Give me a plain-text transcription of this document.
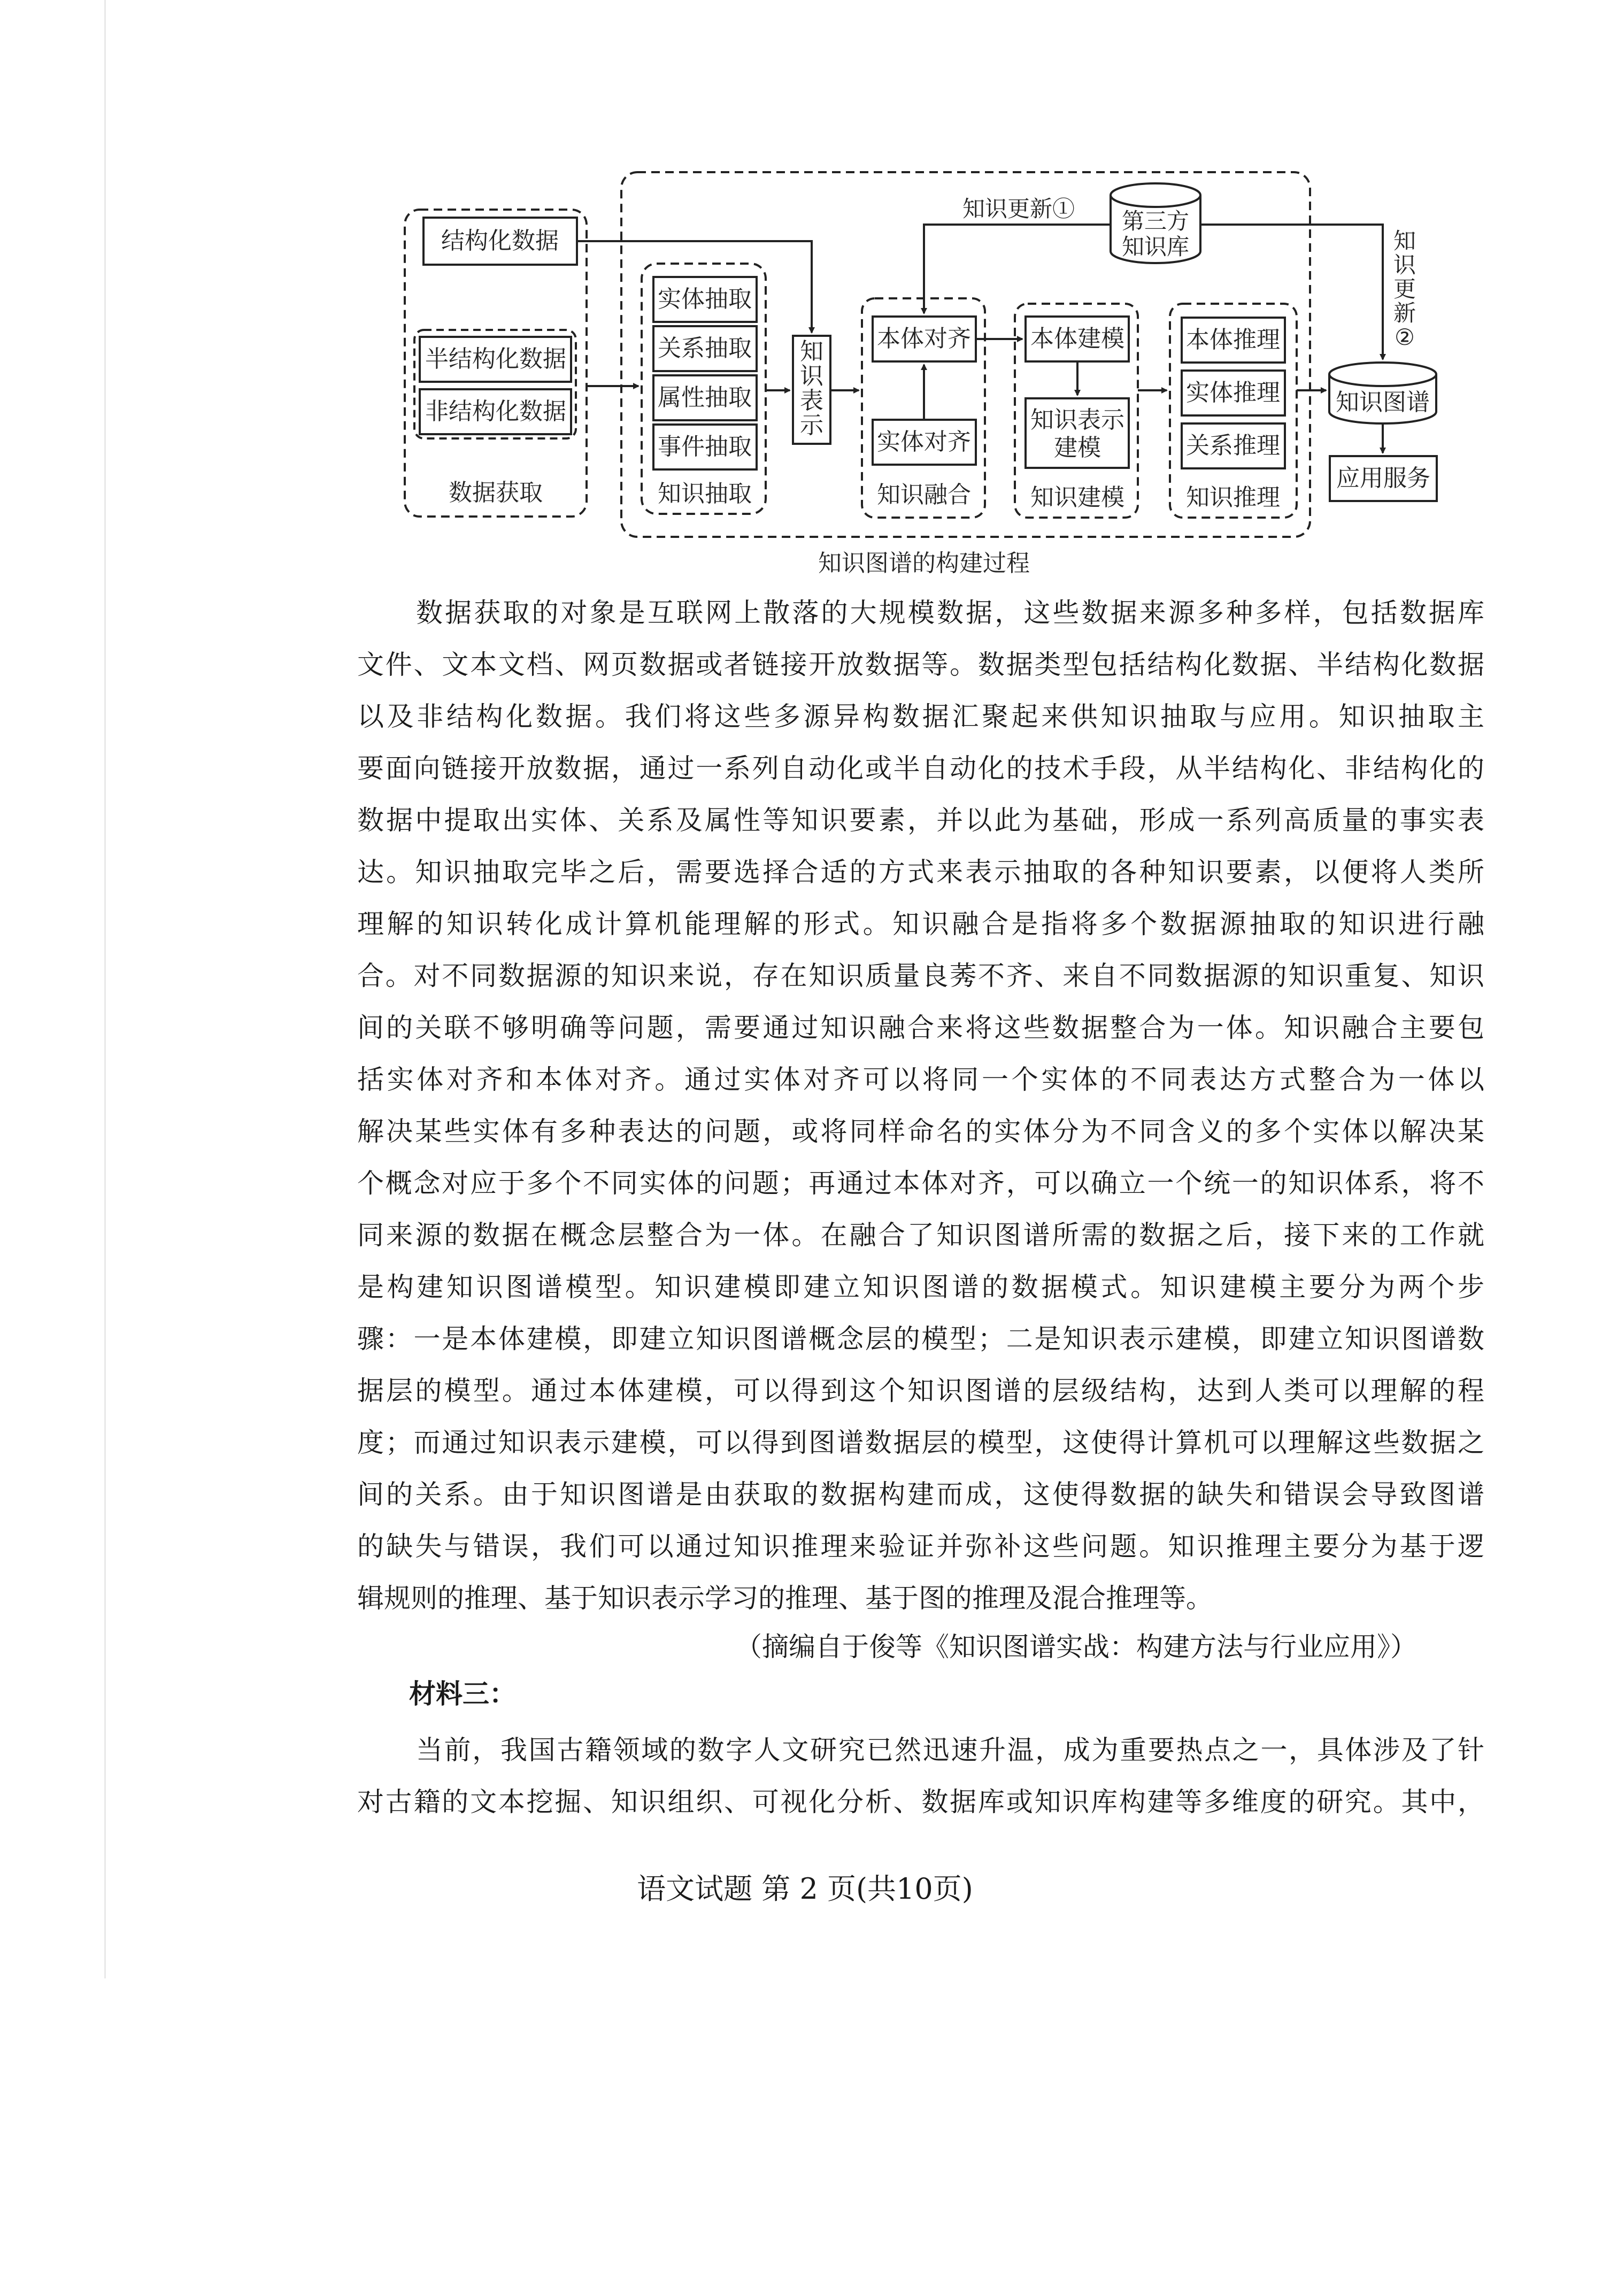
结构化数据
半结构化数据
非结构化数据
数据获取
实体抽取
关系抽取
属性抽取
事件抽取
知识抽取
知识表示
本体对齐
实体对齐
知识融合
本体建模
知识表示建模
知识建模
本体推理
实体推理
关系推理
知识推理
第三方知识库
知识更新①
知识更新 ②
知识图谱
应用服务
知识图谱的构建过程
数据获取的对象是互联网上散落的大规模数据，这些数据来源多种多样，包括数据库
文件、文本文档、网页数据或者链接开放数据等。数据类型包括结构化数据、半结构化数据
以及非结构化数据。我们将这些多源异构数据汇聚起来供知识抽取与应用。知识抽取主
要面向链接开放数据，通过一系列自动化或半自动化的技术手段，从半结构化、非结构化的
数据中提取出实体、关系及属性等知识要素，并以此为基础，形成一系列高质量的事实表
达。知识抽取完毕之后，需要选择合适的方式来表示抽取的各种知识要素，以便将人类所
理解的知识转化成计算机能理解的形式。知识融合是指将多个数据源抽取的知识进行融
合。对不同数据源的知识来说，存在知识质量良莠不齐、来自不同数据源的知识重复、知识
间的关联不够明确等问题，需要通过知识融合来将这些数据整合为一体。知识融合主要包
括实体对齐和本体对齐。通过实体对齐可以将同一个实体的不同表达方式整合为一体以
解决某些实体有多种表达的问题，或将同样命名的实体分为不同含义的多个实体以解决某
个概念对应于多个不同实体的问题；再通过本体对齐，可以确立一个统一的知识体系，将不
同来源的数据在概念层整合为一体。在融合了知识图谱所需的数据之后，接下来的工作就
是构建知识图谱模型。知识建模即建立知识图谱的数据模式。知识建模主要分为两个步
骤：一是本体建模，即建立知识图谱概念层的模型；二是知识表示建模，即建立知识图谱数
据层的模型。通过本体建模，可以得到这个知识图谱的层级结构，达到人类可以理解的程
度；而通过知识表示建模，可以得到图谱数据层的模型，这使得计算机可以理解这些数据之
间的关系。由于知识图谱是由获取的数据构建而成，这使得数据的缺失和错误会导致图谱
的缺失与错误，我们可以通过知识推理来验证并弥补这些问题。知识推理主要分为基于逻
辑规则的推理、基于知识表示学习的推理、基于图的推理及混合推理等。
（摘编自于俊等《知识图谱实战：构建方法与行业应用》）
材料三：
当前，我国古籍领域的数字人文研究已然迅速升温，成为重要热点之一，具体涉及了针
对古籍的文本挖掘、知识组织、可视化分析、数据库或知识库构建等多维度的研究。其中，
语文试题 第 2 页(共10页)
